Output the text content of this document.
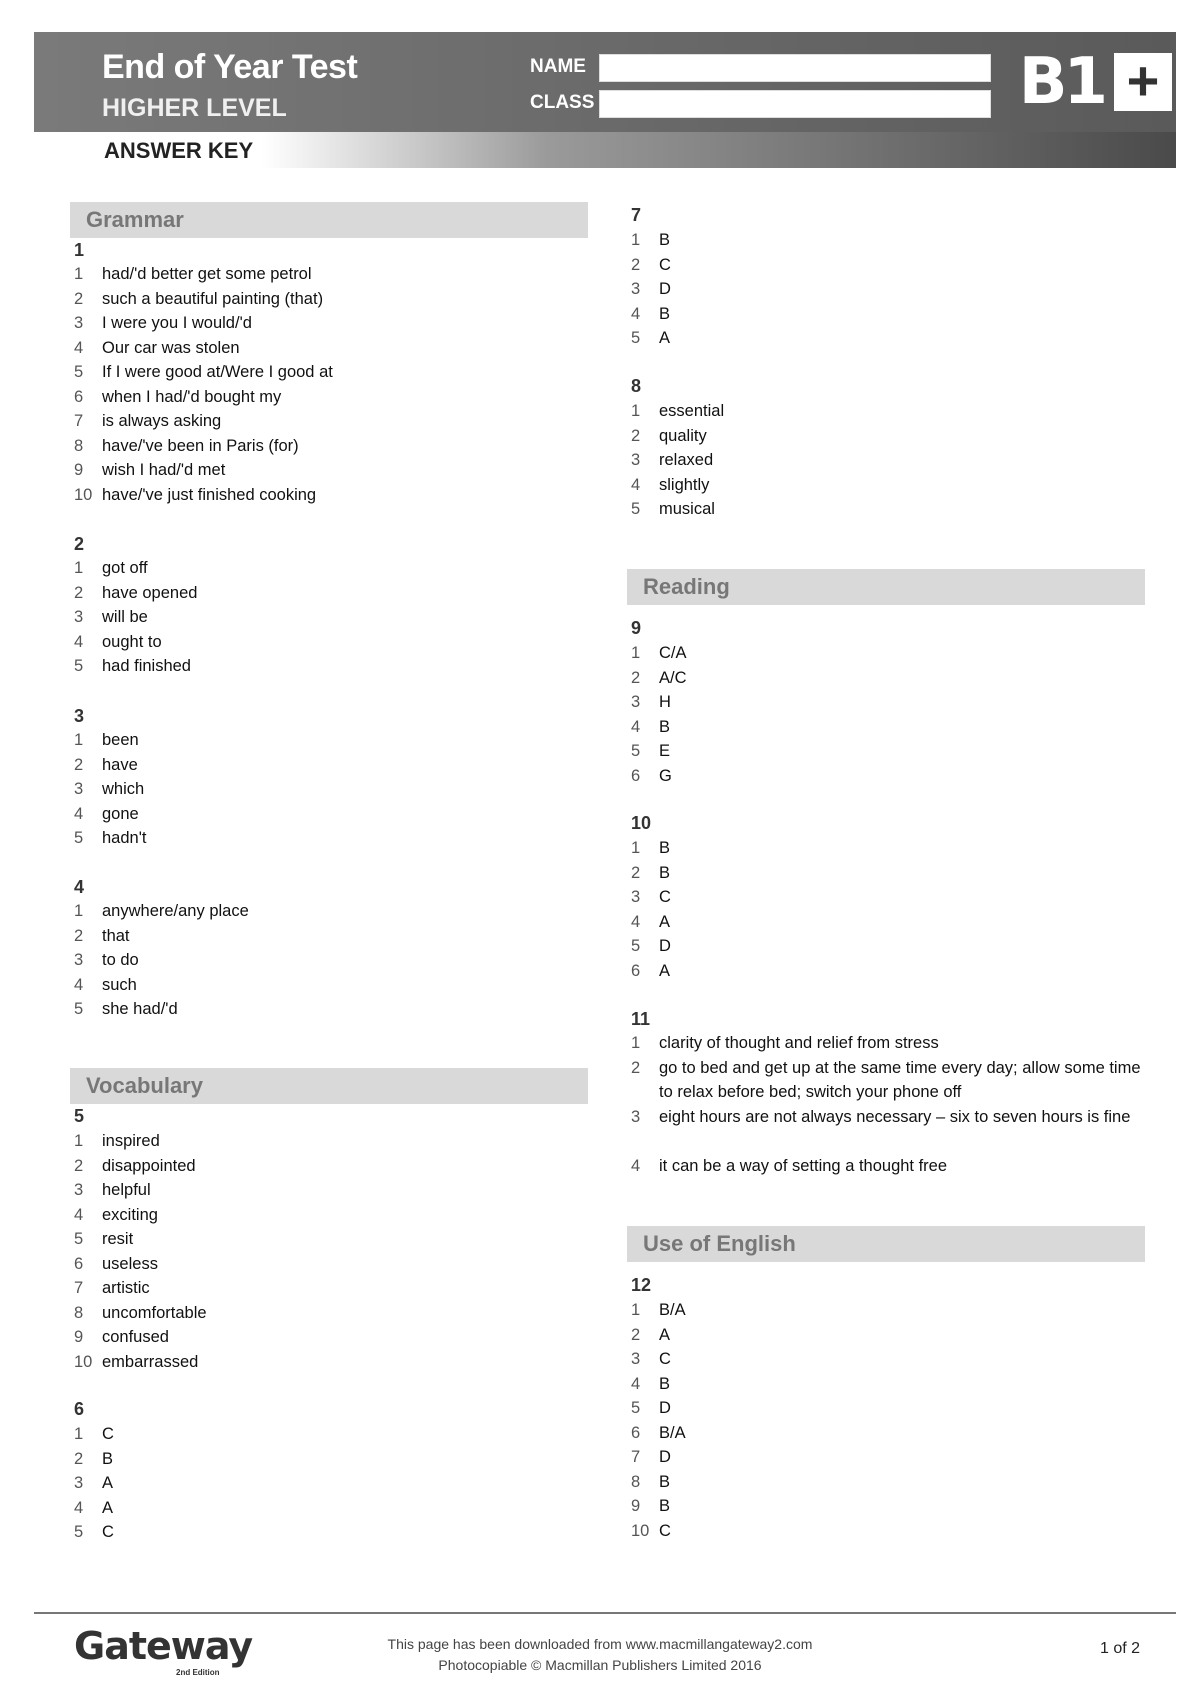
End of Year Test
HIGHER LEVEL
ANSWER KEY
NAME
CLASS	B1 +
Grammar
1
1 had/'d better get some petrol
2 such a beautiful painting (that)
3 I were you I would/'d
4 Our car was stolen
5 If I were good at/Were I good at
6 when I had/'d bought my
7 is always asking
8 have/'ve been in Paris (for)
9 wish I had/'d met
10 have/'ve just finished cooking
2
1 got off
2 have opened
3 will be
4 ought to
5 had finished
3
1 been
2 have
3 which
4 gone
5 hadn't
4
1 anywhere/any place
2 that
3 to do
4 such
5 she had/'d
Vocabulary
5
1 inspired
2 disappointed
3 helpful
4 exciting
5 resit
6 useless
7 artistic
8 uncomfortable
9 confused
10 embarrassed
6
1 C
2 B
3 A
4 A
5 C
7
1 B
2 C
3 D
4 B
5 A
8
1 essential
2 quality
3 relaxed
4 slightly
5 musical
Reading
9
1 C/A
2 A/C
3 H
4 B
5 E
6 G
10
1 B
2 B
3 C
4 A
5 D
6 A
11
1 clarity of thought and relief from stress
2 go to bed and get up at the same time every day; allow some time to relax before bed; switch your phone off
3 eight hours are not always necessary – six to seven hours is fine
4 it can be a way of setting a thought free
Use of English
12
1 B/A
2 A
3 C
4 B
5 D
6 B/A
7 D
8 B
9 B
10 C
Gateway
2nd Edition
This page has been downloaded from www.macmillangateway2.com
Photocopiable © Macmillan Publishers Limited 2016
1 of 2
